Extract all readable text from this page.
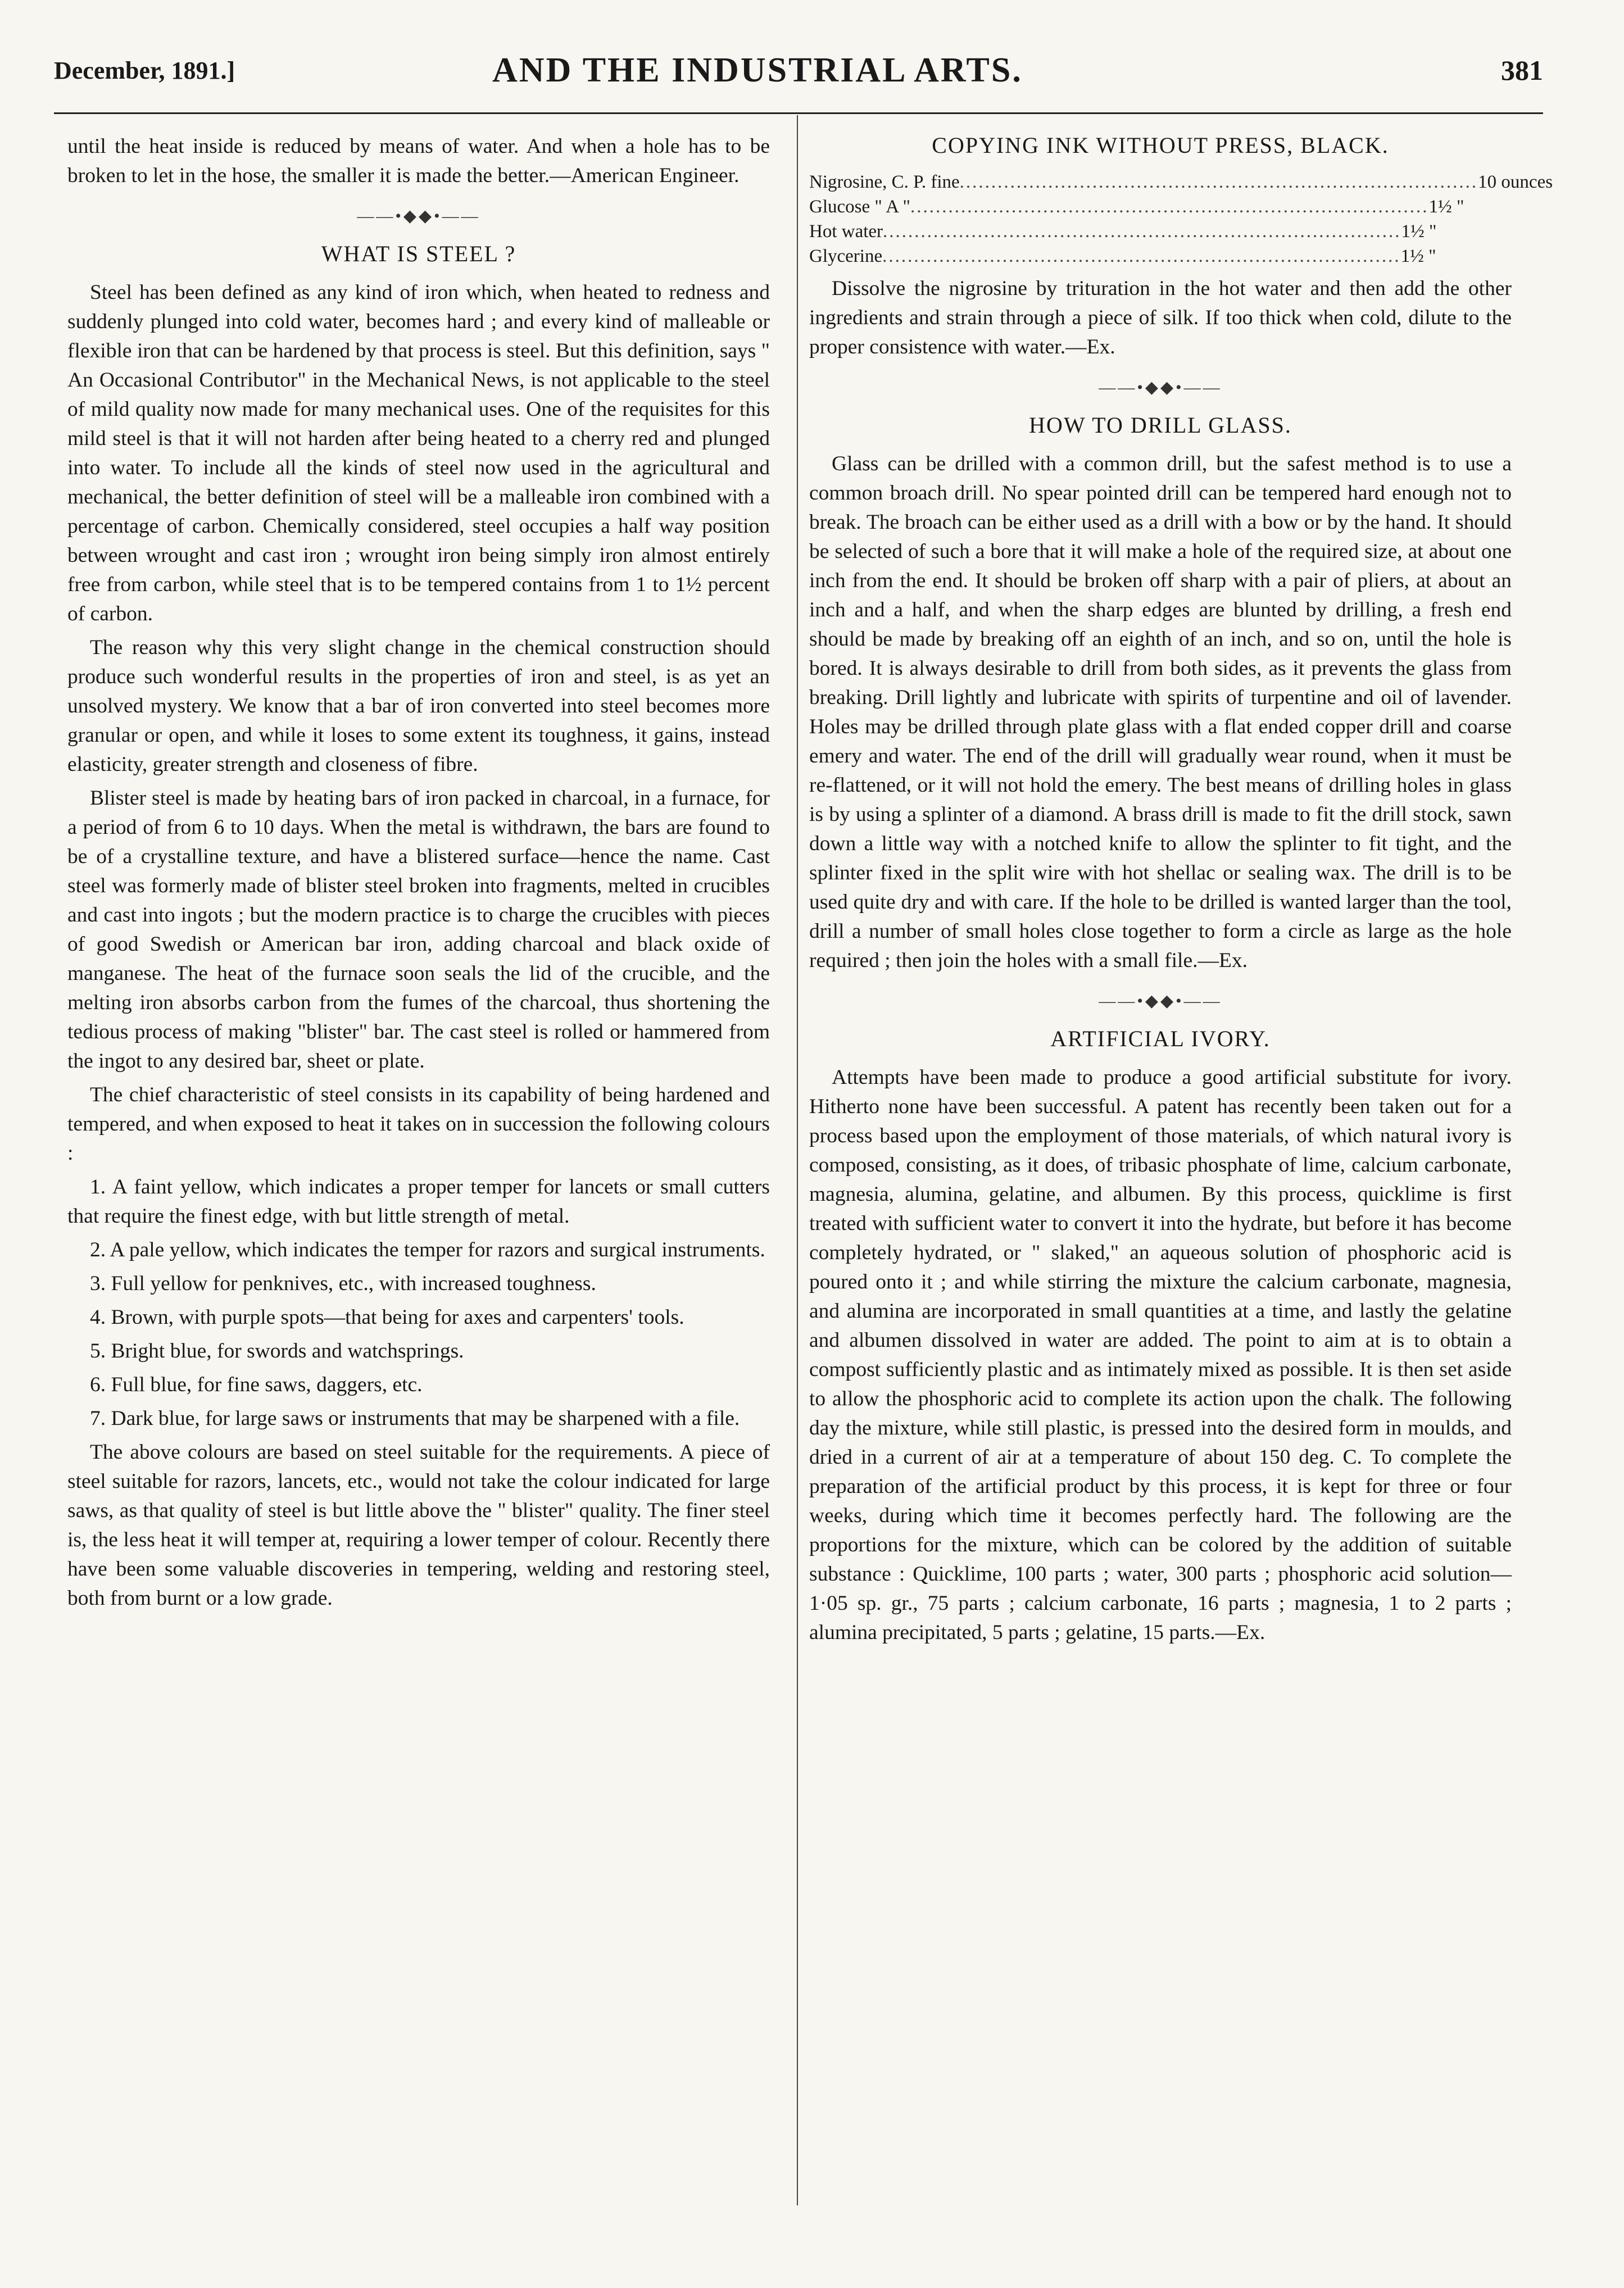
December, 1891.]	AND THE INDUSTRIAL ARTS.	381

until the heat inside is reduced by means of water. And when a hole has to be broken to let in the hose, the smaller it is made the better.—American Engineer.

——•◆◆•——
WHAT IS STEEL ?

Steel has been defined as any kind of iron which, when heated to redness and suddenly plunged into cold water, becomes hard ; and every kind of malleable or flexible iron that can be hardened by that process is steel. But this definition, says " An Occasional Contributor" in the Mechanical News, is not applicable to the steel of mild quality now made for many mechanical uses. One of the requisites for this mild steel is that it will not harden after being heated to a cherry red and plunged into water. To include all the kinds of steel now used in the agricultural and mechanical, the better definition of steel will be a malleable iron combined with a percentage of carbon. Chemically considered, steel occupies a half way position between wrought and cast iron ; wrought iron being simply iron almost entirely free from carbon, while steel that is to be tempered contains from 1 to 1½ percent of carbon.

The reason why this very slight change in the chemical construction should produce such wonderful results in the properties of iron and steel, is as yet an unsolved mystery. We know that a bar of iron converted into steel becomes more granular or open, and while it loses to some extent its toughness, it gains, instead elasticity, greater strength and closeness of fibre.

Blister steel is made by heating bars of iron packed in charcoal, in a furnace, for a period of from 6 to 10 days. When the metal is withdrawn, the bars are found to be of a crystalline texture, and have a blistered surface—hence the name. Cast steel was formerly made of blister steel broken into fragments, melted in crucibles and cast into ingots ; but the modern practice is to charge the crucibles with pieces of good Swedish or American bar iron, adding charcoal and black oxide of manganese. The heat of the furnace soon seals the lid of the crucible, and the melting iron absorbs carbon from the fumes of the charcoal, thus shortening the tedious process of making "blister" bar. The cast steel is rolled or hammered from the ingot to any desired bar, sheet or plate.

The chief characteristic of steel consists in its capability of being hardened and tempered, and when exposed to heat it takes on in succession the following colours :

1. A faint yellow, which indicates a proper temper for lancets or small cutters that require the finest edge, with but little strength of metal.

2. A pale yellow, which indicates the temper for razors and surgical instruments.

3. Full yellow for penknives, etc., with increased toughness.

4. Brown, with purple spots—that being for axes and carpenters' tools.

5. Bright blue, for swords and watchsprings.

6. Full blue, for fine saws, daggers, etc.

7. Dark blue, for large saws or instruments that may be sharpened with a file.

The above colours are based on steel suitable for the requirements. A piece of steel suitable for razors, lancets, etc., would not take the colour indicated for large saws, as that quality of steel is but little above the " blister" quality. The finer steel is, the less heat it will temper at, requiring a lower temper of colour. Recently there have been some valuable discoveries in tempering, welding and restoring steel, both from burnt or a low grade.

COPYING INK WITHOUT PRESS, BLACK.
Nigrosine, C. P. fine .................................................................................. 10 ounces
Glucose " A " .................................................................................. 1½ "
Hot water .................................................................................. 1½ "
Glycerine .................................................................................. 1½ "

Dissolve the nigrosine by trituration in the hot water and then add the other ingredients and strain through a piece of silk. If too thick when cold, dilute to the proper consistence with water.—Ex.

——•◆◆•——
HOW TO DRILL GLASS.

Glass can be drilled with a common drill, but the safest method is to use a common broach drill. No spear pointed drill can be tempered hard enough not to break. The broach can be either used as a drill with a bow or by the hand. It should be selected of such a bore that it will make a hole of the required size, at about one inch from the end. It should be broken off sharp with a pair of pliers, at about an inch and a half, and when the sharp edges are blunted by drilling, a fresh end should be made by breaking off an eighth of an inch, and so on, until the hole is bored. It is always desirable to drill from both sides, as it prevents the glass from breaking. Drill lightly and lubricate with spirits of turpentine and oil of lavender. Holes may be drilled through plate glass with a flat ended copper drill and coarse emery and water. The end of the drill will gradually wear round, when it must be re-flattened, or it will not hold the emery. The best means of drilling holes in glass is by using a splinter of a diamond. A brass drill is made to fit the drill stock, sawn down a little way with a notched knife to allow the splinter to fit tight, and the splinter fixed in the split wire with hot shellac or sealing wax. The drill is to be used quite dry and with care. If the hole to be drilled is wanted larger than the tool, drill a number of small holes close together to form a circle as large as the hole required ; then join the holes with a small file.—Ex.

——•◆◆•——
ARTIFICIAL IVORY.

Attempts have been made to produce a good artificial substitute for ivory. Hitherto none have been successful. A patent has recently been taken out for a process based upon the employment of those materials, of which natural ivory is composed, consisting, as it does, of tribasic phosphate of lime, calcium carbonate, magnesia, alumina, gelatine, and albumen. By this process, quicklime is first treated with sufficient water to convert it into the hydrate, but before it has become completely hydrated, or " slaked," an aqueous solution of phosphoric acid is poured onto it ; and while stirring the mixture the calcium carbonate, magnesia, and alumina are incorporated in small quantities at a time, and lastly the gelatine and albumen dissolved in water are added. The point to aim at is to obtain a compost sufficiently plastic and as intimately mixed as possible. It is then set aside to allow the phosphoric acid to complete its action upon the chalk. The following day the mixture, while still plastic, is pressed into the desired form in moulds, and dried in a current of air at a temperature of about 150 deg. C. To complete the preparation of the artificial product by this process, it is kept for three or four weeks, during which time it becomes perfectly hard. The following are the proportions for the mixture, which can be colored by the addition of suitable substance : Quicklime, 100 parts ; water, 300 parts ; phosphoric acid solution—1·05 sp. gr., 75 parts ; calcium carbonate, 16 parts ; magnesia, 1 to 2 parts ; alumina precipitated, 5 parts ; gelatine, 15 parts.—Ex.
